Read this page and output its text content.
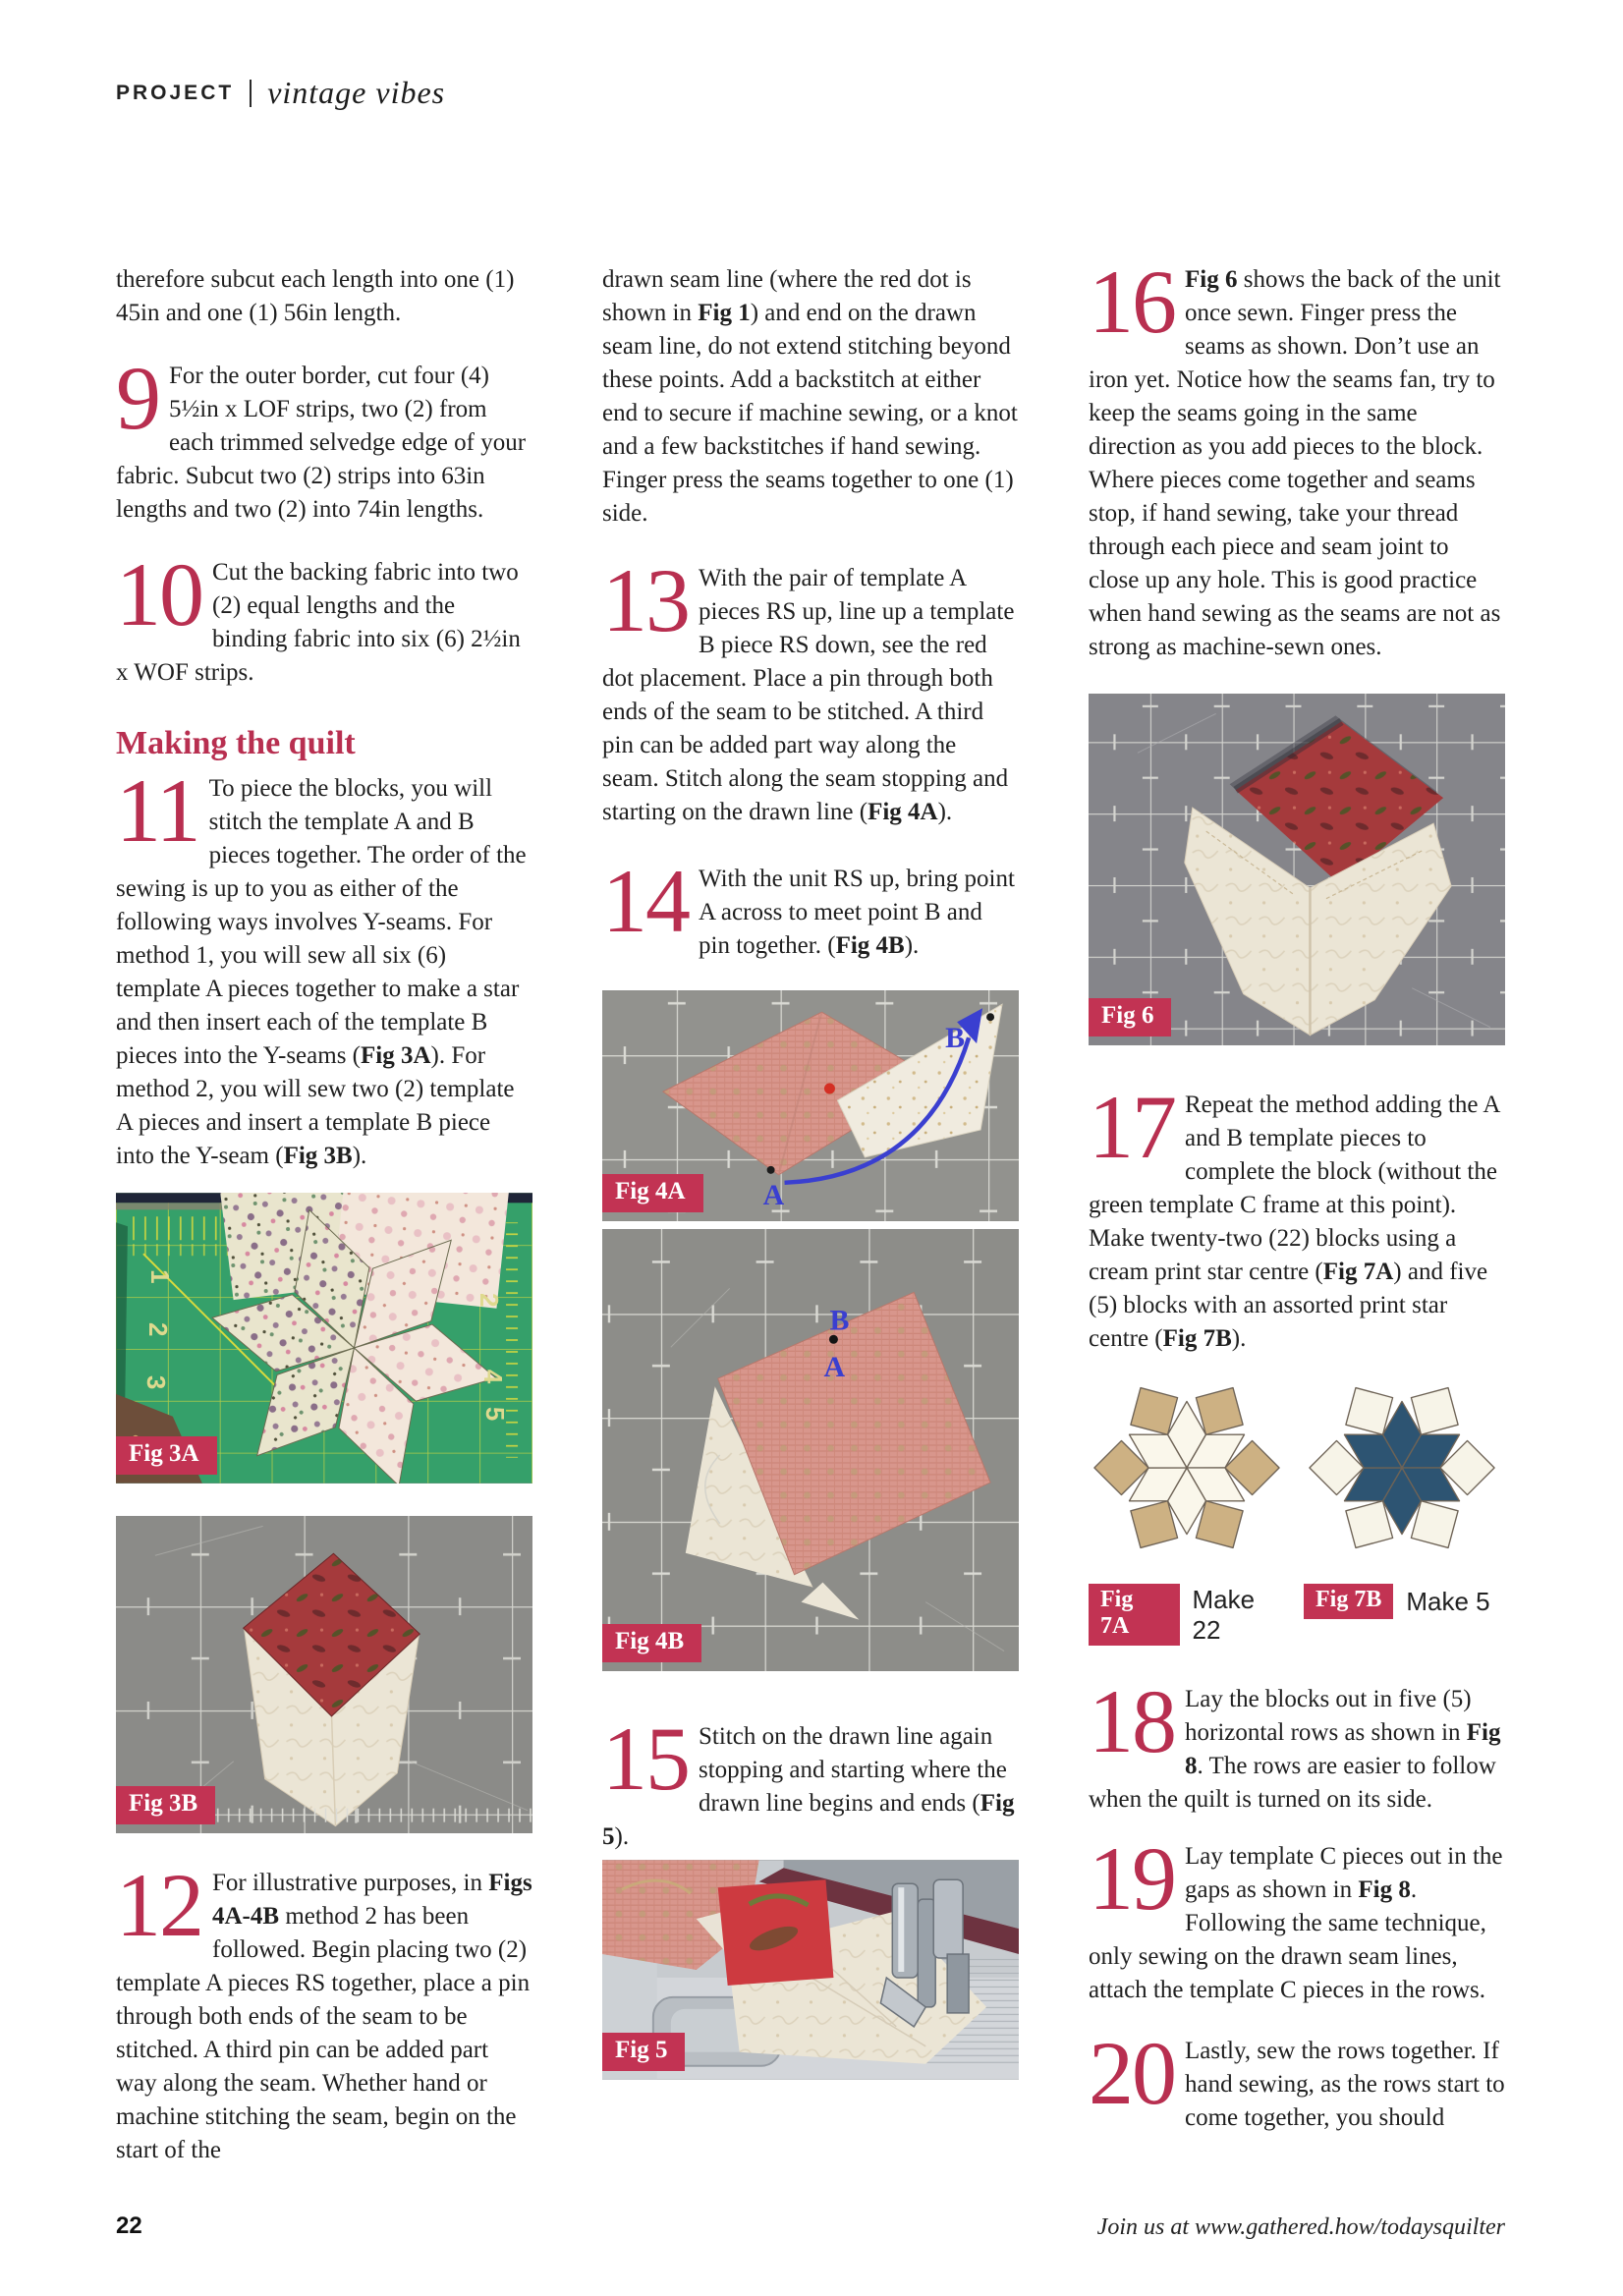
PROJECT vintage vibes

therefore subcut each length into one (1) 45in and one (1) 56in length.

9 For the outer border, cut four (4) 5½in x LOF strips, two (2) from each trimmed selvedge edge of your fabric. Subcut two (2) strips into 63in lengths and two (2) into 74in lengths.

10 Cut the backing fabric into two (2) equal lengths and the binding fabric into six (6) 2½in x WOF strips.

Making the quilt

11 To piece the blocks, you will stitch the template A and B pieces together. The order of the sewing is up to you as either of the following ways involves Y-seams. For method 1, you will sew all six (6) template A pieces together to make a star and then insert each of the template B pieces into the Y-seams (Fig 3A). For method 2, you will sew two (2) template A pieces and insert a template B piece into the Y-seam (Fig 3B).

1
2
3
2
4
5
Fig 3A
Fig 3B

12 For illustrative purposes, in Figs 4A-4B method 2 has been followed. Begin placing two (2) template A pieces RS together, place a pin through both ends of the seam to be stitched. A third pin can be added part way along the seam. Whether hand or machine stitching the seam, begin on the start of the

drawn seam line (where the red dot is shown in Fig 1) and end on the drawn seam line, do not extend stitching beyond these points. Add a backstitch at either end to secure if machine sewing, or a knot and a few backstitches if hand sewing. Finger press the seams together to one (1) side.

13 With the pair of template A pieces RS up, line up a template B piece RS down, see the red dot placement. Place a pin through both ends of the seam to be stitched. A third pin can be added part way along the seam. Stitch along the seam stopping and starting on the drawn line (Fig 4A).

14 With the unit RS up, bring point A across to meet point B and pin together. (Fig 4B).

A
B
Fig 4A
B
A
Fig 4B

15 Stitch on the drawn line again stopping and starting where the drawn line begins and ends (Fig 5).

Fig 5

16 Fig 6 shows the back of the unit once sewn. Finger press the seams as shown. Don’t use an iron yet. Notice how the seams fan, try to keep the seams going in the same direction as you add pieces to the block. Where pieces come together and seams stop, if hand sewing, take your thread through each piece and seam joint to close up any hole. This is good practice when hand sewing as the seams are not as strong as machine-sewn ones.

Fig 6

17 Repeat the method adding the A and B template pieces to complete the block (without the green template C frame at this point). Make twenty-two (22) blocks using a cream print star centre (Fig 7A) and five (5) blocks with an assorted print star centre (Fig 7B).

Fig 7A
Make 22
Fig 7B Make 5

18 Lay the blocks out in five (5) horizontal rows as shown in Fig 8. The rows are easier to follow when the quilt is turned on its side.

19 Lay template C pieces out in the gaps as shown in Fig 8. Following the same technique, only sewing on the drawn seam lines, attach the template C pieces in the rows.

20 Lastly, sew the rows together. If hand sewing, as the rows start to come together, you should

22	Join us at www.gathered.how/todaysquilter
